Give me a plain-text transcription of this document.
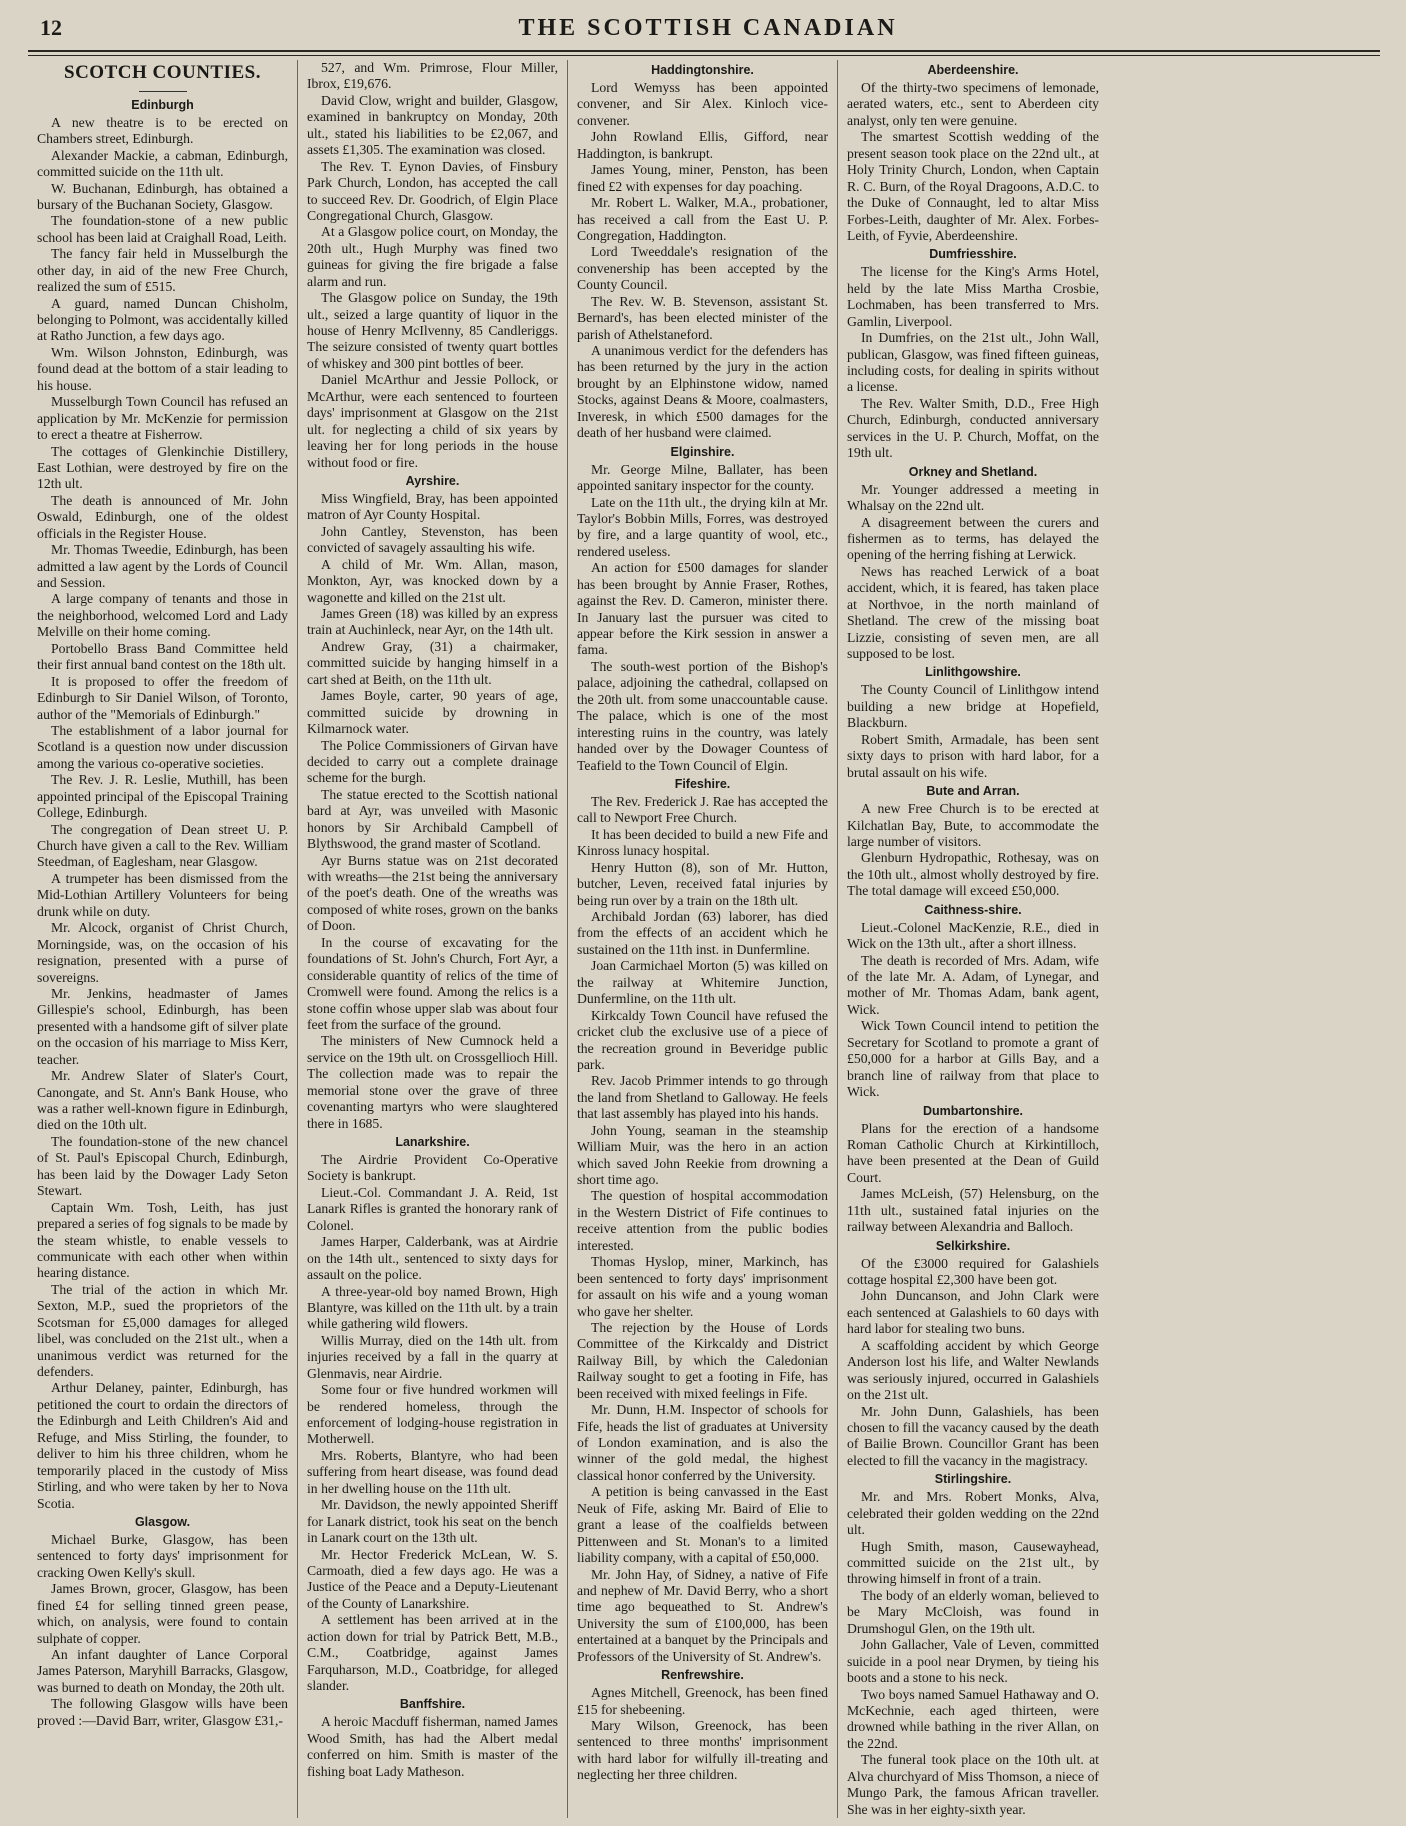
12	THE SCOTTISH CANADIAN
SCOTCH COUNTIES.
Edinburgh

A new theatre is to be erected on Chambers street, Edinburgh.

Alexander Mackie, a cabman, Edinburgh, committed suicide on the 11th ult.

W. Buchanan, Edinburgh, has obtained a bursary of the Buchanan Society, Glasgow.

The foundation-stone of a new public school has been laid at Craighall Road, Leith.

The fancy fair held in Musselburgh the other day, in aid of the new Free Church, realized the sum of £515.

A guard, named Duncan Chisholm, belonging to Polmont, was accidentally killed at Ratho Junction, a few days ago.

Wm. Wilson Johnston, Edinburgh, was found dead at the bottom of a stair leading to his house.

Musselburgh Town Council has refused an application by Mr. McKenzie for permission to erect a theatre at Fisherrow.

The cottages of Glenkinchie Distillery, East Lothian, were destroyed by fire on the 12th ult.

The death is announced of Mr. John Oswald, Edinburgh, one of the oldest officials in the Register House.

Mr. Thomas Tweedie, Edinburgh, has been admitted a law agent by the Lords of Council and Session.

A large company of tenants and those in the neighborhood, welcomed Lord and Lady Melville on their home coming.

Portobello Brass Band Committee held their first annual band contest on the 18th ult.

It is proposed to offer the freedom of Edinburgh to Sir Daniel Wilson, of Toronto, author of the "Memorials of Edinburgh."

The establishment of a labor journal for Scotland is a question now under discussion among the various co-operative societies.

The Rev. J. R. Leslie, Muthill, has been appointed principal of the Episcopal Training College, Edinburgh.

The congregation of Dean street U. P. Church have given a call to the Rev. William Steedman, of Eaglesham, near Glasgow.

A trumpeter has been dismissed from the Mid-Lothian Artillery Volunteers for being drunk while on duty.

Mr. Alcock, organist of Christ Church, Morningside, was, on the occasion of his resignation, presented with a purse of sovereigns.

Mr. Jenkins, headmaster of James Gillespie's school, Edinburgh, has been presented with a handsome gift of silver plate on the occasion of his marriage to Miss Kerr, teacher.

Mr. Andrew Slater of Slater's Court, Canongate, and St. Ann's Bank House, who was a rather well-known figure in Edinburgh, died on the 10th ult.

The foundation-stone of the new chancel of St. Paul's Episcopal Church, Edinburgh, has been laid by the Dowager Lady Seton Stewart.

Captain Wm. Tosh, Leith, has just prepared a series of fog signals to be made by the steam whistle, to enable vessels to communicate with each other when within hearing distance.

The trial of the action in which Mr. Sexton, M.P., sued the proprietors of the Scotsman for £5,000 damages for alleged libel, was concluded on the 21st ult., when a unanimous verdict was returned for the defenders.

Arthur Delaney, painter, Edinburgh, has petitioned the court to ordain the directors of the Edinburgh and Leith Children's Aid and Refuge, and Miss Stirling, the founder, to deliver to him his three children, whom he temporarily placed in the custody of Miss Stirling, and who were taken by her to Nova Scotia.

Glasgow.

Michael Burke, Glasgow, has been sentenced to forty days' imprisonment for cracking Owen Kelly's skull.

James Brown, grocer, Glasgow, has been fined £4 for selling tinned green pease, which, on analysis, were found to contain sulphate of copper.

An infant daughter of Lance Corporal James Paterson, Maryhill Barracks, Glasgow, was burned to death on Monday, the 20th ult.

The following Glasgow wills have been proved :—David Barr, writer, Glasgow £31,-

527, and Wm. Primrose, Flour Miller, Ibrox, £19,676.

David Clow, wright and builder, Glasgow, examined in bankruptcy on Monday, 20th ult., stated his liabilities to be £2,067, and assets £1,305. The examination was closed.

The Rev. T. Eynon Davies, of Finsbury Park Church, London, has accepted the call to succeed Rev. Dr. Goodrich, of Elgin Place Congregational Church, Glasgow.

At a Glasgow police court, on Monday, the 20th ult., Hugh Murphy was fined two guineas for giving the fire brigade a false alarm and run.

The Glasgow police on Sunday, the 19th ult., seized a large quantity of liquor in the house of Henry McIlvenny, 85 Candleriggs. The seizure consisted of twenty quart bottles of whiskey and 300 pint bottles of beer.

Daniel McArthur and Jessie Pollock, or McArthur, were each sentenced to fourteen days' imprisonment at Glasgow on the 21st ult. for neglecting a child of six years by leaving her for long periods in the house without food or fire.

Ayrshire.

Miss Wingfield, Bray, has been appointed matron of Ayr County Hospital.

John Cantley, Stevenston, has been convicted of savagely assaulting his wife.

A child of Mr. Wm. Allan, mason, Monkton, Ayr, was knocked down by a wagonette and killed on the 21st ult.

James Green (18) was killed by an express train at Auchinleck, near Ayr, on the 14th ult.

Andrew Gray, (31) a chairmaker, committed suicide by hanging himself in a cart shed at Beith, on the 11th ult.

James Boyle, carter, 90 years of age, committed suicide by drowning in Kilmarnock water.

The Police Commissioners of Girvan have decided to carry out a complete drainage scheme for the burgh.

The statue erected to the Scottish national bard at Ayr, was unveiled with Masonic honors by Sir Archibald Campbell of Blythswood, the grand master of Scotland.

Ayr Burns statue was on 21st decorated with wreaths—the 21st being the anniversary of the poet's death. One of the wreaths was composed of white roses, grown on the banks of Doon.

In the course of excavating for the foundations of St. John's Church, Fort Ayr, a considerable quantity of relics of the time of Cromwell were found. Among the relics is a stone coffin whose upper slab was about four feet from the surface of the ground.

The ministers of New Cumnock held a service on the 19th ult. on Crossgellioch Hill. The collection made was to repair the memorial stone over the grave of three covenanting martyrs who were slaughtered there in 1685.

Lanarkshire.

The Airdrie Provident Co-Operative Society is bankrupt.

Lieut.-Col. Commandant J. A. Reid, 1st Lanark Rifles is granted the honorary rank of Colonel.

James Harper, Calderbank, was at Airdrie on the 14th ult., sentenced to sixty days for assault on the police.

A three-year-old boy named Brown, High Blantyre, was killed on the 11th ult. by a train while gathering wild flowers.

Willis Murray, died on the 14th ult. from injuries received by a fall in the quarry at Glenmavis, near Airdrie.

Some four or five hundred workmen will be rendered homeless, through the enforcement of lodging-house registration in Motherwell.

Mrs. Roberts, Blantyre, who had been suffering from heart disease, was found dead in her dwelling house on the 11th ult.

Mr. Davidson, the newly appointed Sheriff for Lanark district, took his seat on the bench in Lanark court on the 13th ult.

Mr. Hector Frederick McLean, W. S. Carmoath, died a few days ago. He was a Justice of the Peace and a Deputy-Lieutenant of the County of Lanarkshire.

A settlement has been arrived at in the action down for trial by Patrick Bett, M.B., C.M., Coatbridge, against James Farquharson, M.D., Coatbridge, for alleged slander.

Banffshire.

A heroic Macduff fisherman, named James Wood Smith, has had the Albert medal conferred on him. Smith is master of the fishing boat Lady Matheson.

Haddingtonshire.

Lord Wemyss has been appointed convener, and Sir Alex. Kinloch vice-convener.

John Rowland Ellis, Gifford, near Haddington, is bankrupt.

James Young, miner, Penston, has been fined £2 with expenses for day poaching.

Mr. Robert L. Walker, M.A., probationer, has received a call from the East U. P. Congregation, Haddington.

Lord Tweeddale's resignation of the convenership has been accepted by the County Council.

The Rev. W. B. Stevenson, assistant St. Bernard's, has been elected minister of the parish of Athelstaneford.

A unanimous verdict for the defenders has has been returned by the jury in the action brought by an Elphinstone widow, named Stocks, against Deans & Moore, coalmasters, Inveresk, in which £500 damages for the death of her husband were claimed.

Elginshire.

Mr. George Milne, Ballater, has been appointed sanitary inspector for the county.

Late on the 11th ult., the drying kiln at Mr. Taylor's Bobbin Mills, Forres, was destroyed by fire, and a large quantity of wool, etc., rendered useless.

An action for £500 damages for slander has been brought by Annie Fraser, Rothes, against the Rev. D. Cameron, minister there. In January last the pursuer was cited to appear before the Kirk session in answer a fama.

The south-west portion of the Bishop's palace, adjoining the cathedral, collapsed on the 20th ult. from some unaccountable cause. The palace, which is one of the most interesting ruins in the country, was lately handed over by the Dowager Countess of Teafield to the Town Council of Elgin.

Fifeshire.

The Rev. Frederick J. Rae has accepted the call to Newport Free Church.

It has been decided to build a new Fife and Kinross lunacy hospital.

Henry Hutton (8), son of Mr. Hutton, butcher, Leven, received fatal injuries by being run over by a train on the 18th ult.

Archibald Jordan (63) laborer, has died from the effects of an accident which he sustained on the 11th inst. in Dunfermline.

Joan Carmichael Morton (5) was killed on the railway at Whitemire Junction, Dunfermline, on the 11th ult.

Kirkcaldy Town Council have refused the cricket club the exclusive use of a piece of the recreation ground in Beveridge public park.

Rev. Jacob Primmer intends to go through the land from Shetland to Galloway. He feels that last assembly has played into his hands.

John Young, seaman in the steamship William Muir, was the hero in an action which saved John Reekie from drowning a short time ago.

The question of hospital accommodation in the Western District of Fife continues to receive attention from the public bodies interested.

Thomas Hyslop, miner, Markinch, has been sentenced to forty days' imprisonment for assault on his wife and a young woman who gave her shelter.

The rejection by the House of Lords Committee of the Kirkcaldy and District Railway Bill, by which the Caledonian Railway sought to get a footing in Fife, has been received with mixed feelings in Fife.

Mr. Dunn, H.M. Inspector of schools for Fife, heads the list of graduates at University of London examination, and is also the winner of the gold medal, the highest classical honor conferred by the University.

A petition is being canvassed in the East Neuk of Fife, asking Mr. Baird of Elie to grant a lease of the coalfields between Pittenween and St. Monan's to a limited liability company, with a capital of £50,000.

Mr. John Hay, of Sidney, a native of Fife and nephew of Mr. David Berry, who a short time ago bequeathed to St. Andrew's University the sum of £100,000, has been entertained at a banquet by the Principals and Professors of the University of St. Andrew's.

Renfrewshire.

Agnes Mitchell, Greenock, has been fined £15 for shebeening.

Mary Wilson, Greenock, has been sentenced to three months' imprisonment with hard labor for wilfully ill-treating and neglecting her three children.

Aberdeenshire.

Of the thirty-two specimens of lemonade, aerated waters, etc., sent to Aberdeen city analyst, only ten were genuine.

The smartest Scottish wedding of the present season took place on the 22nd ult., at Holy Trinity Church, London, when Captain R. C. Burn, of the Royal Dragoons, A.D.C. to the Duke of Connaught, led to altar Miss Forbes-Leith, daughter of Mr. Alex. Forbes-Leith, of Fyvie, Aberdeenshire.

Dumfriesshire.

The license for the King's Arms Hotel, held by the late Miss Martha Crosbie, Lochmaben, has been transferred to Mrs. Gamlin, Liverpool.

In Dumfries, on the 21st ult., John Wall, publican, Glasgow, was fined fifteen guineas, including costs, for dealing in spirits without a license.

The Rev. Walter Smith, D.D., Free High Church, Edinburgh, conducted anniversary services in the U. P. Church, Moffat, on the 19th ult.

Orkney and Shetland.

Mr. Younger addressed a meeting in Whalsay on the 22nd ult.

A disagreement between the curers and fishermen as to terms, has delayed the opening of the herring fishing at Lerwick.

News has reached Lerwick of a boat accident, which, it is feared, has taken place at Northvoe, in the north mainland of Shetland. The crew of the missing boat Lizzie, consisting of seven men, are all supposed to be lost.

Linlithgowshire.

The County Council of Linlithgow intend building a new bridge at Hopefield, Blackburn.

Robert Smith, Armadale, has been sent sixty days to prison with hard labor, for a brutal assault on his wife.

Bute and Arran.

A new Free Church is to be erected at Kilchatlan Bay, Bute, to accommodate the large number of visitors.

Glenburn Hydropathic, Rothesay, was on the 10th ult., almost wholly destroyed by fire. The total damage will exceed £50,000.

Caithness-shire.

Lieut.-Colonel MacKenzie, R.E., died in Wick on the 13th ult., after a short illness.

The death is recorded of Mrs. Adam, wife of the late Mr. A. Adam, of Lynegar, and mother of Mr. Thomas Adam, bank agent, Wick.

Wick Town Council intend to petition the Secretary for Scotland to promote a grant of £50,000 for a harbor at Gills Bay, and a branch line of railway from that place to Wick.

Dumbartonshire.

Plans for the erection of a handsome Roman Catholic Church at Kirkintilloch, have been presented at the Dean of Guild Court.

James McLeish, (57) Helensburg, on the 11th ult., sustained fatal injuries on the railway between Alexandria and Balloch.

Selkirkshire.

Of the £3000 required for Galashiels cottage hospital £2,300 have been got.

John Duncanson, and John Clark were each sentenced at Galashiels to 60 days with hard labor for stealing two buns.

A scaffolding accident by which George Anderson lost his life, and Walter Newlands was seriously injured, occurred in Galashiels on the 21st ult.

Mr. John Dunn, Galashiels, has been chosen to fill the vacancy caused by the death of Bailie Brown. Councillor Grant has been elected to fill the vacancy in the magistracy.

Stirlingshire.

Mr. and Mrs. Robert Monks, Alva, celebrated their golden wedding on the 22nd ult.

Hugh Smith, mason, Causewayhead, committed suicide on the 21st ult., by throwing himself in front of a train.

The body of an elderly woman, believed to be Mary McCloish, was found in Drumshogul Glen, on the 19th ult.

John Gallacher, Vale of Leven, committed suicide in a pool near Drymen, by tieing his boots and a stone to his neck.

Two boys named Samuel Hathaway and O. McKechnie, each aged thirteen, were drowned while bathing in the river Allan, on the 22nd.

The funeral took place on the 10th ult. at Alva churchyard of Miss Thomson, a niece of Mungo Park, the famous African traveller. She was in her eighty-sixth year.
